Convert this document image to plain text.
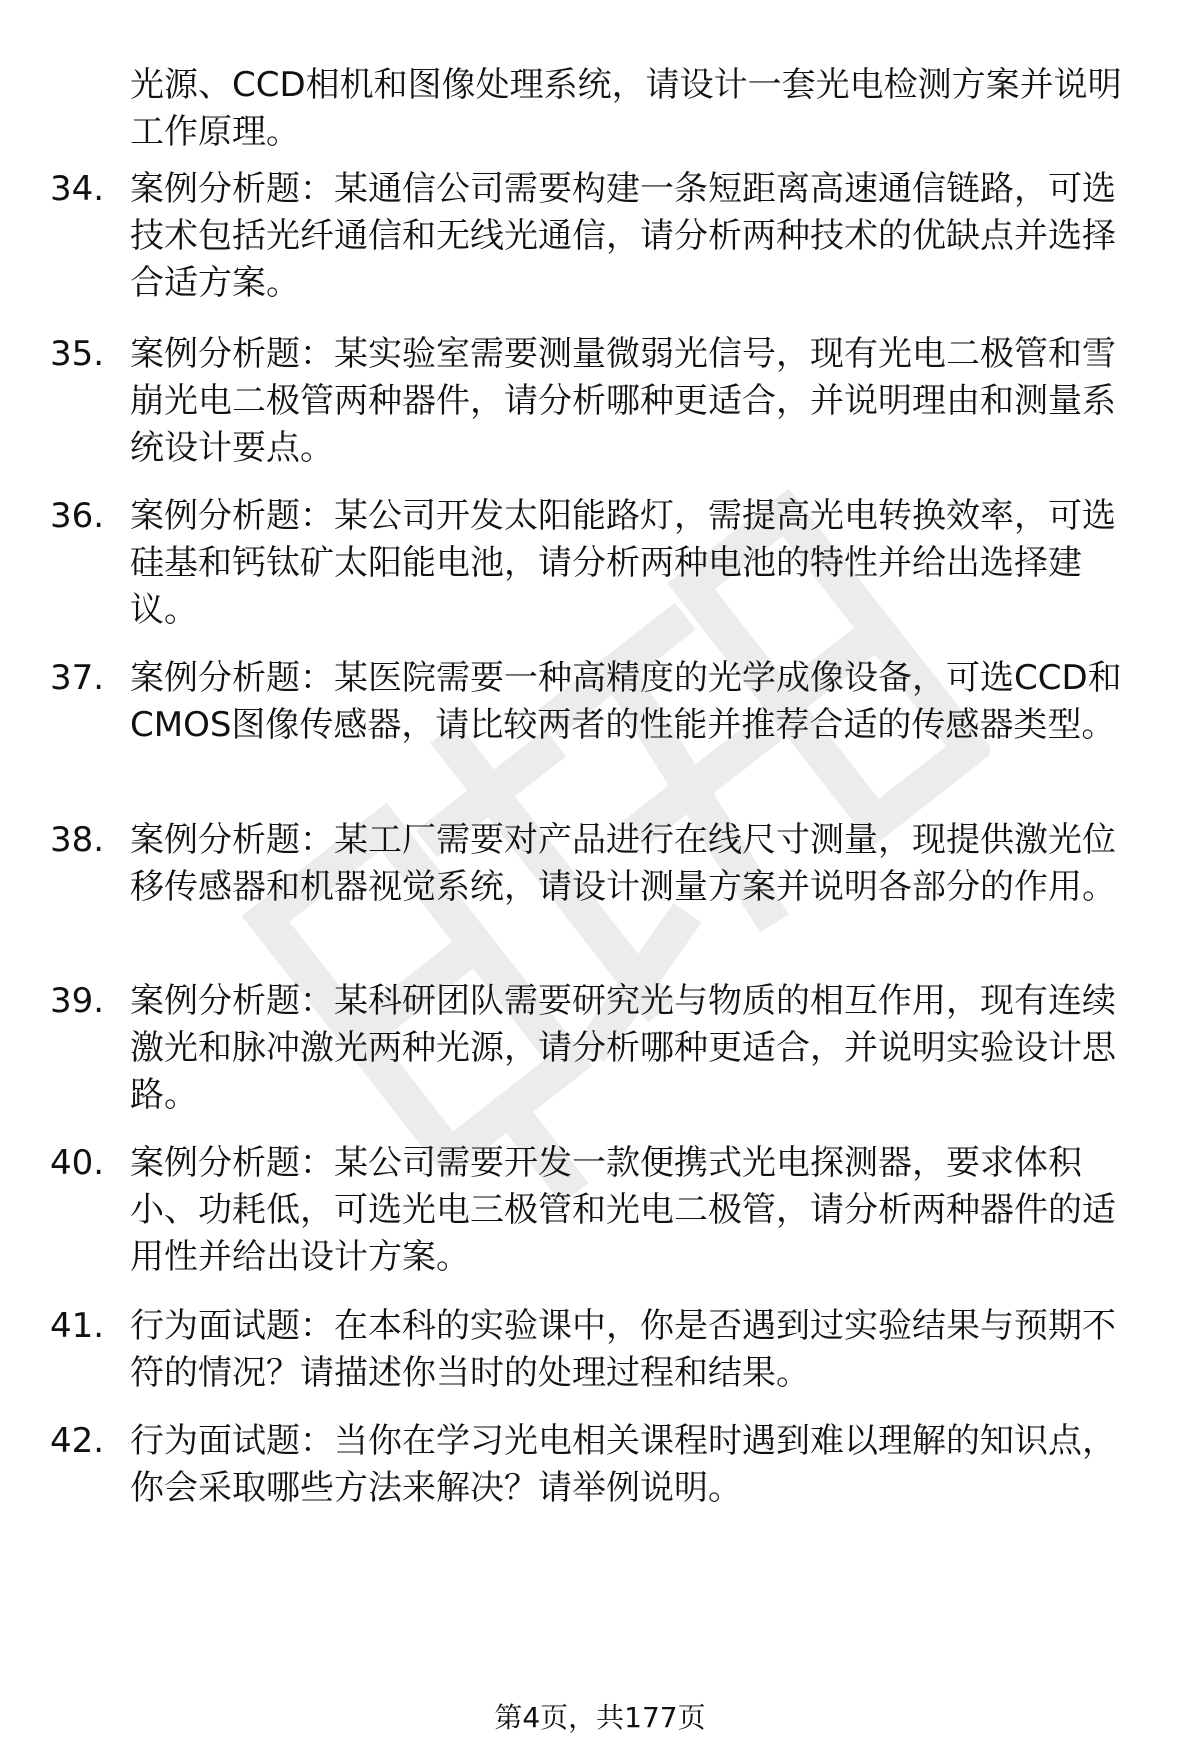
光源、CCD相机和图像处理系统，请设计一套光电检测方案并说明工作原理。

34. 案例分析题：某通信公司需要构建一条短距离高速通信链路，可选技术包括光纤通信和无线光通信，请分析两种技术的优缺点并选择合适方案。

35. 案例分析题：某实验室需要测量微弱光信号，现有光电二极管和雪崩光电二极管两种器件，请分析哪种更适合，并说明理由和测量系统设计要点。

36. 案例分析题：某公司开发太阳能路灯，需提高光电转换效率，可选硅基和钙钛矿太阳能电池，请分析两种电池的特性并给出选择建议。

37. 案例分析题：某医院需要一种高精度的光学成像设备，可选CCD和CMOS图像传感器，请比较两者的性能并推荐合适的传感器类型。

38. 案例分析题：某工厂需要对产品进行在线尺寸测量，现提供激光位移传感器和机器视觉系统，请设计测量方案并说明各部分的作用。

39. 案例分析题：某科研团队需要研究光与物质的相互作用，现有连续激光和脉冲激光两种光源，请分析哪种更适合，并说明实验设计思路。

40. 案例分析题：某公司需要开发一款便携式光电探测器，要求体积小、功耗低，可选光电三极管和光电二极管，请分析两种器件的适用性并给出设计方案。

41. 行为面试题：在本科的实验课中，你是否遇到过实验结果与预期不符的情况？请描述你当时的处理过程和结果。

42. 行为面试题：当你在学习光电相关课程时遇到难以理解的知识点，你会采取哪些方法来解决？请举例说明。

第4页，共177页
